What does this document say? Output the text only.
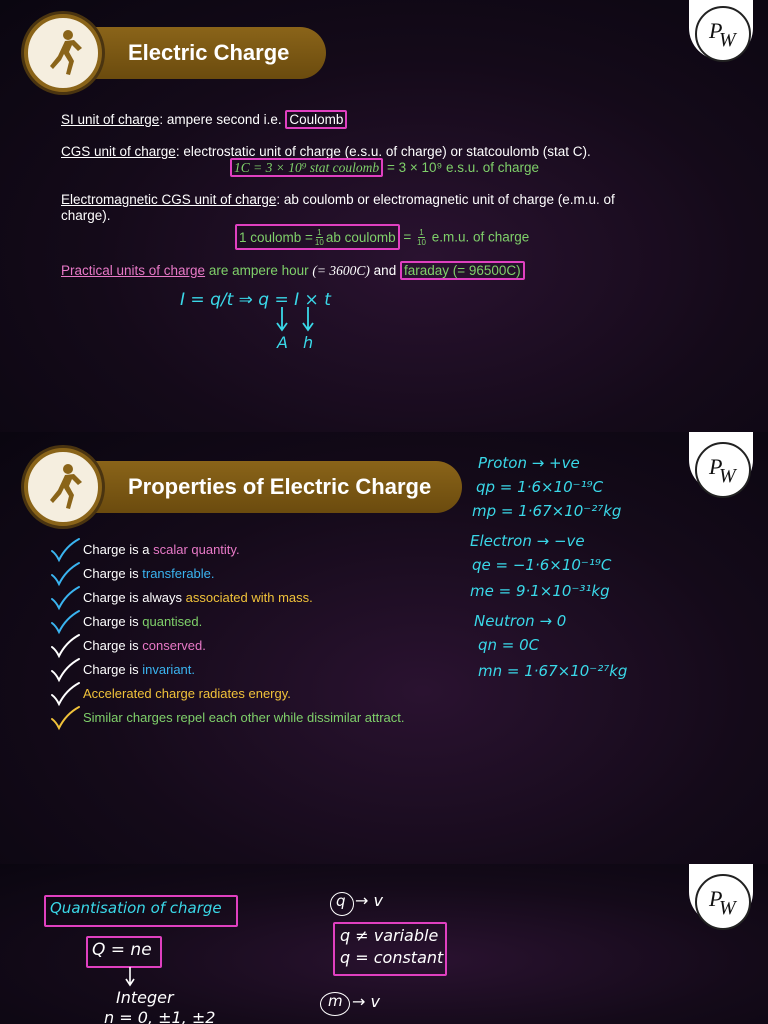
Electric Charge
P
W
SI unit of charge: ampere second i.e. Coulomb
CGS unit of charge: electrostatic unit of charge (e.s.u. of charge) or statcoulomb (stat C).
1C = 3 × 10⁹ stat coulomb = 3 × 10⁹ e.s.u. of charge
Electromagnetic CGS unit of charge: ab coulomb or electromagnetic unit of charge (e.m.u. of
charge).
1 coulomb = $\frac{1}{10}$ ab coulomb = $\frac{1}{10} e.m.u$. of charge
Practical units of charge are ampere hour (= 3600C) and faraday (= 96500C)
I = q/t ⇒ q = I × t
A h
Properties of Electric Charge
P
W
Charge is a scalar quantity.
Charge is transferable.
Charge is always associated with mass.
Charge is quantised.
Charge is conserved.
Charge is invariant.
Accelerated charge radiates energy.
Similar charges repel each other while dissimilar attract.
Proton → +ve
qp = 1·6×10⁻¹⁹C
mp = 1·67×10⁻²⁷kg
Electron → −ve
qe = −1·6×10⁻¹⁹C
me = 9·1×10⁻³¹kg
Neutron → 0
qn = 0C
mn = 1·67×10⁻²⁷kg
P
W
Quantisation of charge
Q = ne
Integer
n = 0, ±1, ±2
q → v
q ≠ variable
q = constant
m → v
